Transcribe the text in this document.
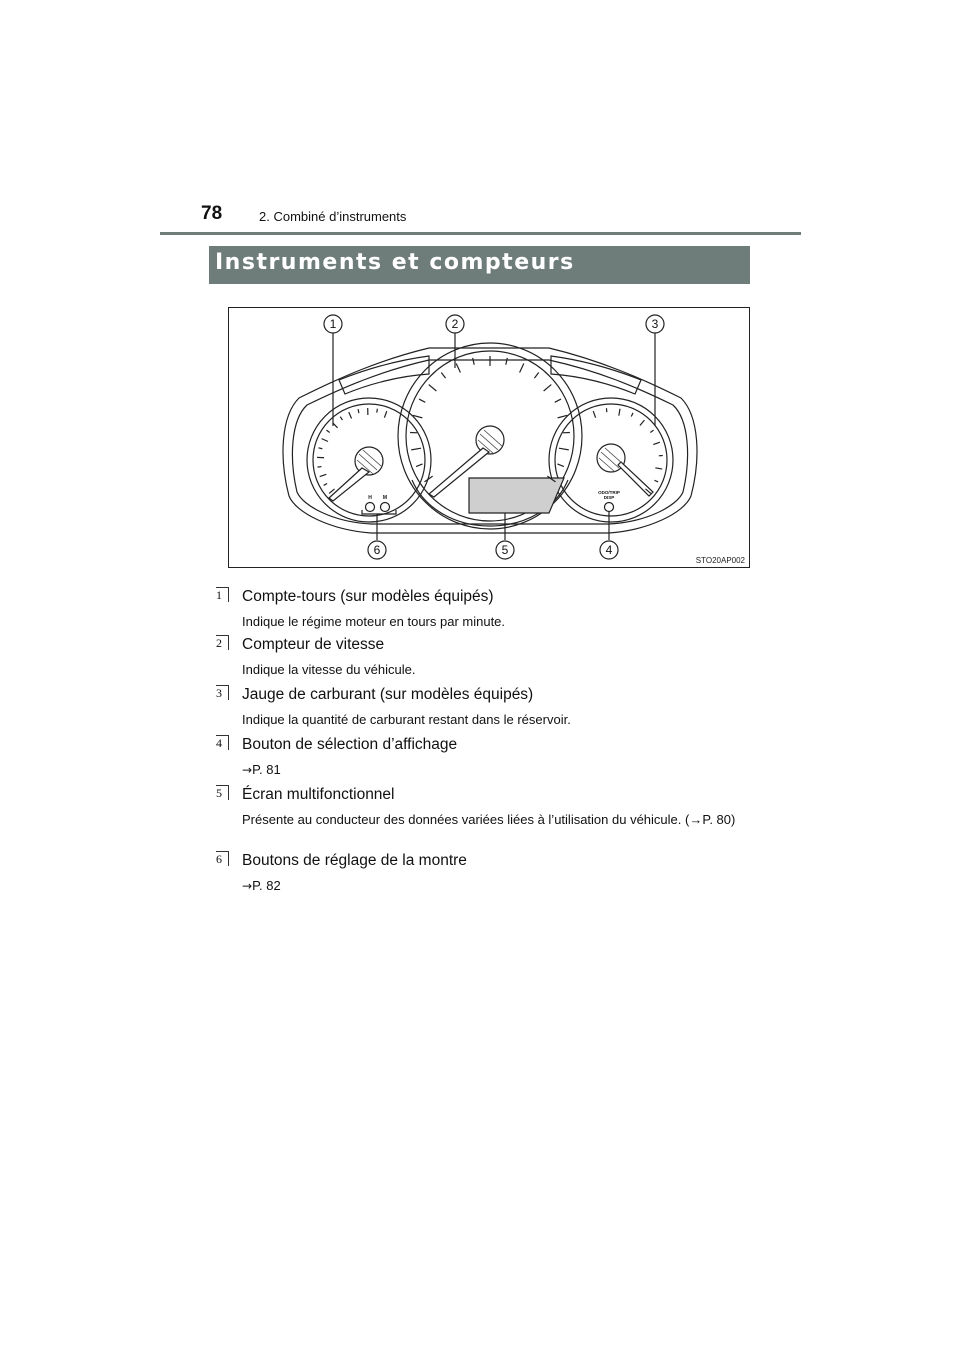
78	2. Combiné d’instruments
Instruments et compteurs
1	2	3
4
5
6
H M
ODO/TRIP
DISP
STO20AP002
1	Compte-tours (sur modèles équipés)
Indique le régime moteur en tours par minute.
2	Compteur de vitesse
Indique la vitesse du véhicule.
3	Jauge de carburant (sur modèles équipés)
Indique la quantité de carburant restant dans le réservoir.
4	Bouton de sélection d’affichage
→P. 81
5	Écran multifonctionnel
Présente au conducteur des données variées liées à l’utilisation du véhicule. (→P. 80)
6	Boutons de réglage de la montre
→P. 82
